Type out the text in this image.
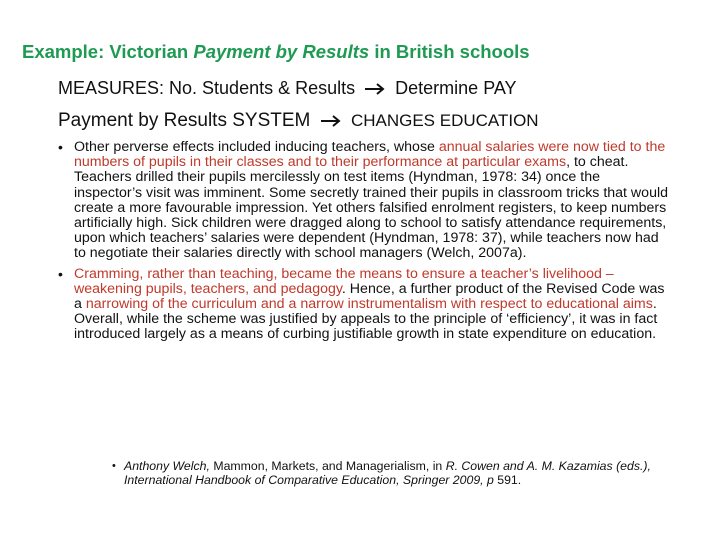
Example: Victorian Payment by Results in British schools

MEASURES: No. Students & Results Determine PAY

Payment by Results SYSTEM CHANGES EDUCATION

• Other perverse effects included inducing teachers, whose annual salaries were now tied to the numbers of pupils in their classes and to their performance at particular exams, to cheat. Teachers drilled their pupils mercilessly on test items (Hyndman, 1978: 34) once the inspector’s visit was imminent. Some secretly trained their pupils in classroom tricks that would create a more favourable impression. Yet others falsified enrolment registers, to keep numbers artificially high. Sick children were dragged along to school to satisfy attendance requirements, upon which teachers’ salaries were dependent (Hyndman, 1978: 37), while teachers now had to negotiate their salaries directly with school managers (Welch, 2007a).
• Cramming, rather than teaching, became the means to ensure a teacher’s livelihood – weakening pupils, teachers, and pedagogy. Hence, a further product of the Revised Code was a narrowing of the curriculum and a narrow instrumentalism with respect to educational aims. Overall, while the scheme was justified by appeals to the principle of ‘efficiency’, it was in fact introduced largely as a means of curbing justifiable growth in state expenditure on education.
• Anthony Welch, Mammon, Markets, and Managerialism, in R. Cowen and A. M. Kazamias (eds.), International Handbook of Comparative Education, Springer 2009, p 591.
